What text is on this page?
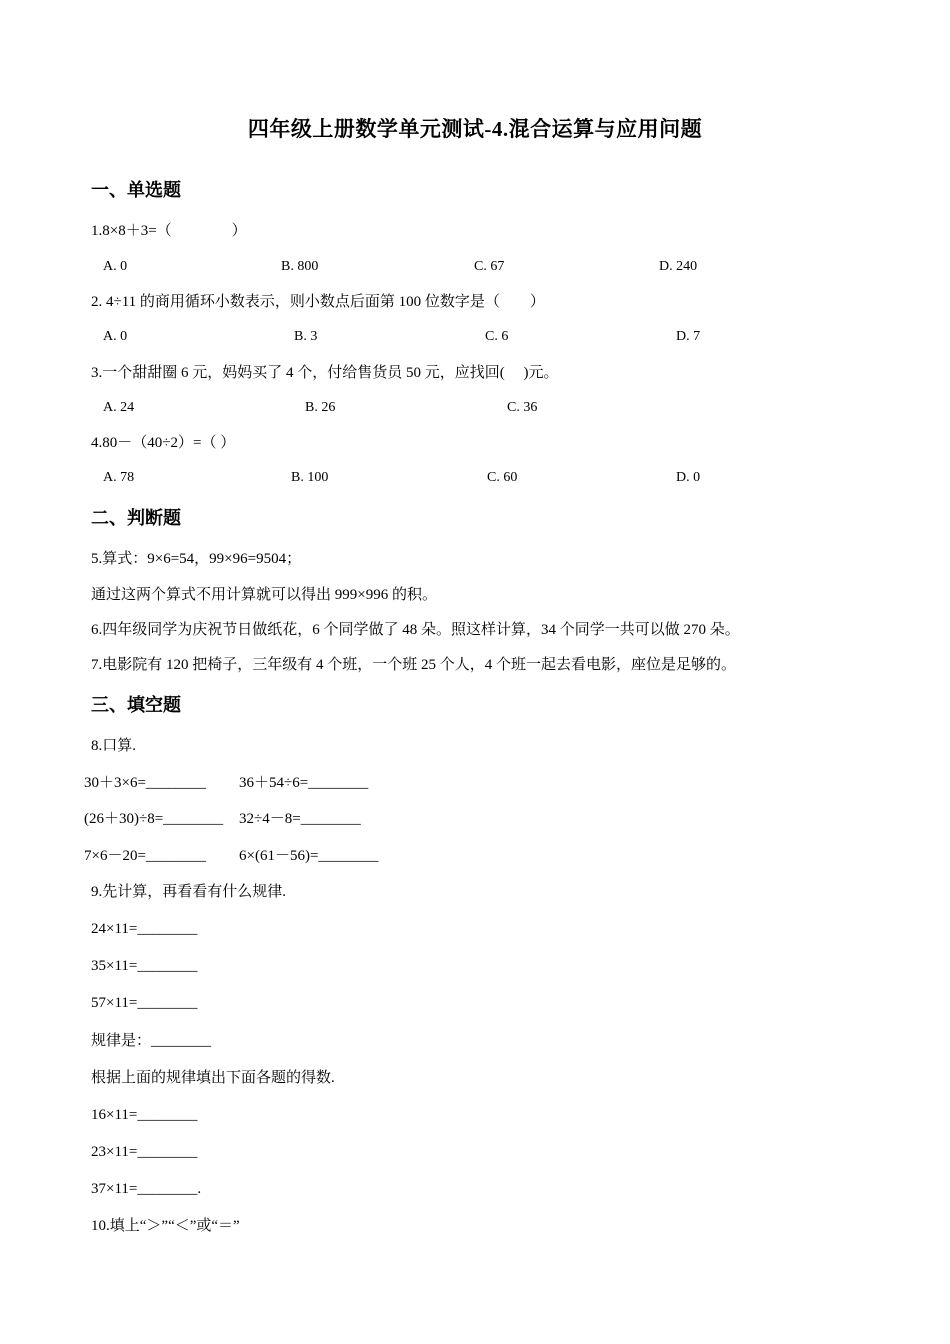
四年级上册数学单元测试-4.混合运算与应用问题
一、单选题
1.8×8＋3=（　　　　）
A. 0	B. 800	C. 67	D. 240
2. 4÷11 的商用循环小数表示，则小数点后面第 100 位数字是（　　）
A. 0	B. 3	C. 6	D. 7
3.一个甜甜圈 6 元，妈妈买了 4 个，付给售货员 50 元，应找回(　 )元。
A. 24	B. 26	C. 36
4.80－（40÷2）=（ ）
A. 78	B. 100	C. 60	D. 0
二、判断题
5.算式：9×6=54，99×96=9504；
通过这两个算式不用计算就可以得出 999×996 的积。
6.四年级同学为庆祝节日做纸花，6 个同学做了 48 朵。照这样计算，34 个同学一共可以做 270 朵。
7.电影院有 120 把椅子，三年级有 4 个班，一个班 25 个人，4 个班一起去看电影，座位是足够的。
三、填空题
8.口算.
30＋3×6=________ 36＋54÷6=________
(26＋30)÷8=________ 32÷4－8=________
7×6－20=________ 6×(61－56)=________
9.先计算，再看看有什么规律.
24×11=________
35×11=________
57×11=________
规律是：________
根据上面的规律填出下面各题的得数.
16×11=________
23×11=________
37×11=________.
10.填上“＞”“＜”或“＝”
